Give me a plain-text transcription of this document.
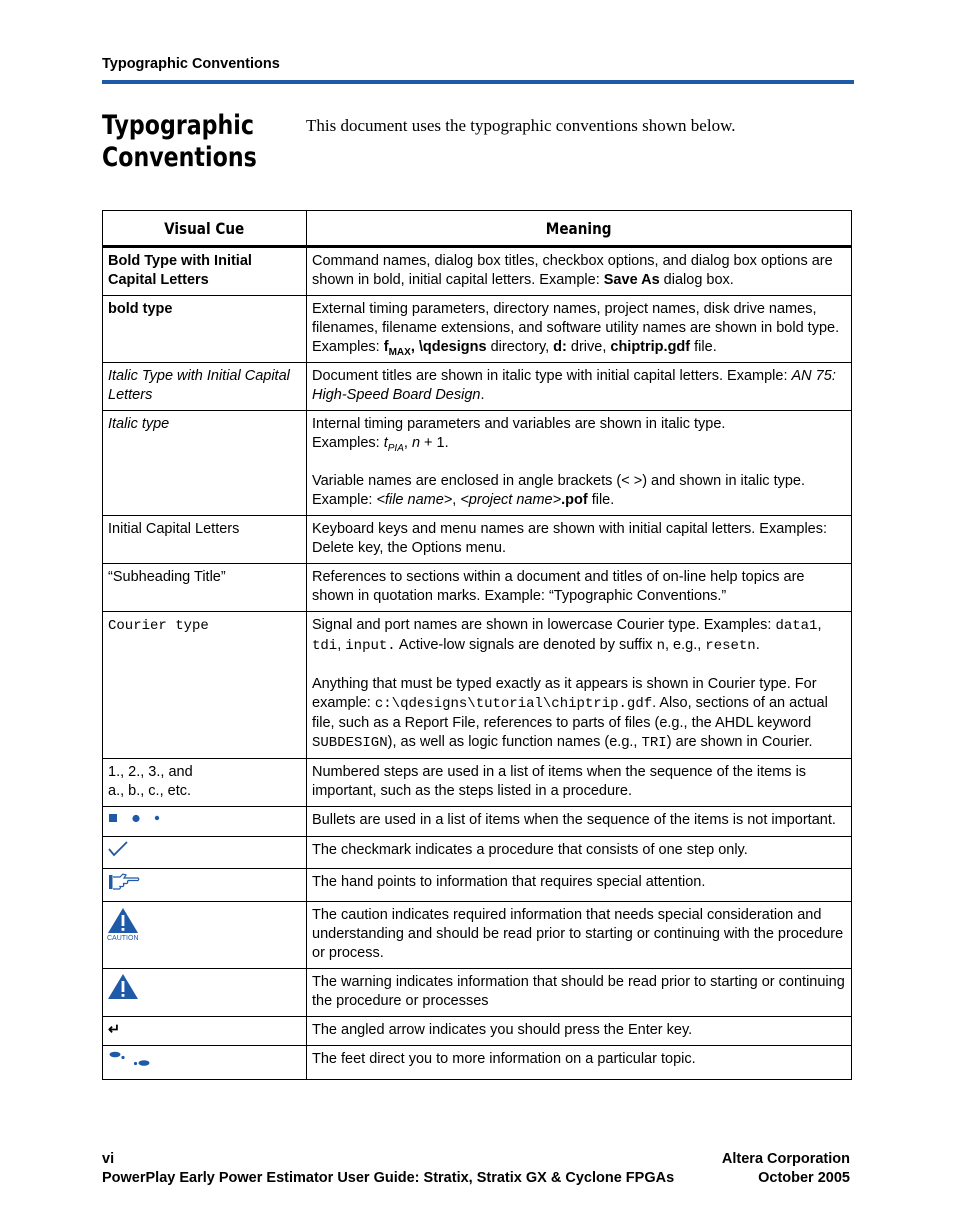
Typographic Conventions
Typographic
Conventions
This document uses the typographic conventions shown below.
Visual Cue	Meaning
Bold Type with Initial Capital Letters	Command names, dialog box titles, checkbox options, and dialog box options are shown in bold, initial capital letters. Example: Save As dialog box.
bold type	External timing parameters, directory names, project names, disk drive names, filenames, filename extensions, and software utility names are shown in bold type. Examples: $f_{MAX}$, \qdesigns directory, d: drive, chiptrip.gdf file.
Italic Type with Initial Capital Letters	Document titles are shown in italic type with initial capital letters. Example: AN 75: High-Speed Board Design.
Italic type	Internal timing parameters and variables are shown in italic type.
Examples: $t_{PIA}$, n + 1.
Variable names are enclosed in angle brackets (< >) and shown in italic type.
Example: <file name>, <project name>.pof file.

Initial Capital Letters	Keyboard keys and menu names are shown with initial capital letters. Examples: Delete key, the Options menu.
“Subheading Title”	References to sections within a document and titles of on-line help topics are shown in quotation marks. Example: “Typographic Conventions.”
Courier type	Signal and port names are shown in lowercase Courier type. Examples: data1, tdi, input. Active-low signals are denoted by suffix n, e.g., resetn.
Anything that must be typed exactly as it appears is shown in Courier type. For example: c:\qdesigns\tutorial\chiptrip.gdf. Also, sections of an actual file, such as a Report File, references to parts of files (e.g., the AHDL keyword SUBDESIGN), as well as logic function names (e.g., TRI) are shown in Courier.

1., 2., 3., and
a., b., c., etc.	Numbered steps are used in a list of items when the sequence of the items is important, such as the steps listed in a procedure.
	Bullets are used in a list of items when the sequence of the items is not important.
	The checkmark indicates a procedure that consists of one step only.
	The hand points to information that requires special attention.

CAUTION	The caution indicates required information that needs special consideration and understanding and should be read prior to starting or continuing with the procedure or process.
	The warning indicates information that should be read prior to starting or continuing the procedure or processes
↵	The angled arrow indicates you should press the Enter key.
	The feet direct you to more information on a particular topic.
vi
PowerPlay Early Power Estimator User Guide: Stratix, Stratix GX & Cyclone FPGAs
Altera Corporation
October 2005
